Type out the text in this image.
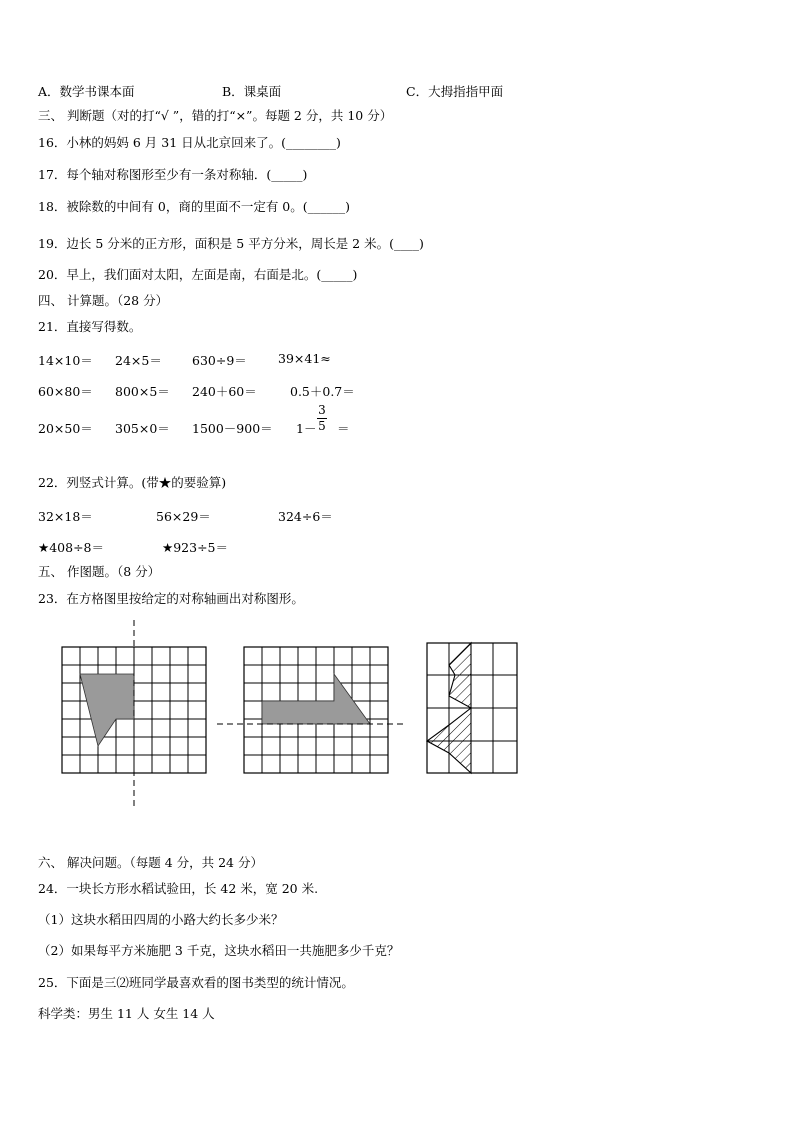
A．数学书课本面	B．课桌面	C．大拇指指甲面
三、 判断题（对的打“√ ”，错的打“×”。每题 2 分，共 10 分）
16．小林的妈妈 6 月 31 日从北京回来了。(________)
17．每个轴对称图形至少有一条对称轴．(_____)
18．被除数的中间有 0，商的里面不一定有 0。(______)
19．边长 5 分米的正方形，面积是 5 平方分米，周长是 2 米。(____)
20．早上，我们面对太阳，左面是南，右面是北。(_____)
四、 计算题。（28 分）
21．直接写得数。
14×10＝ 24×5＝ 630÷9＝ 39×41≈
60×80＝ 800×5＝ 240＋60＝	0.5＋0.7＝
20×50＝ 305×0＝ 1500－900＝ 1－ ＝
3
5
22．列竖式计算。(带★的要验算)
32×18＝	56×29＝	324÷6＝
★408÷8＝	★923÷5＝
五、 作图题。（8 分）
23．在方格图里按给定的对称轴画出对称图形。
六、 解决问题。（每题 4 分，共 24 分）
24．一块长方形水稻试验田，长 42 米，宽 20 米.
（1）这块水稻田四周的小路大约长多少米？
（2）如果每平方米施肥 3 千克，这块水稻田一共施肥多少千克？
25．下面是三⑵班同学最喜欢看的图书类型的统计情况。
科学类：男生 11 人 女生 14 人
